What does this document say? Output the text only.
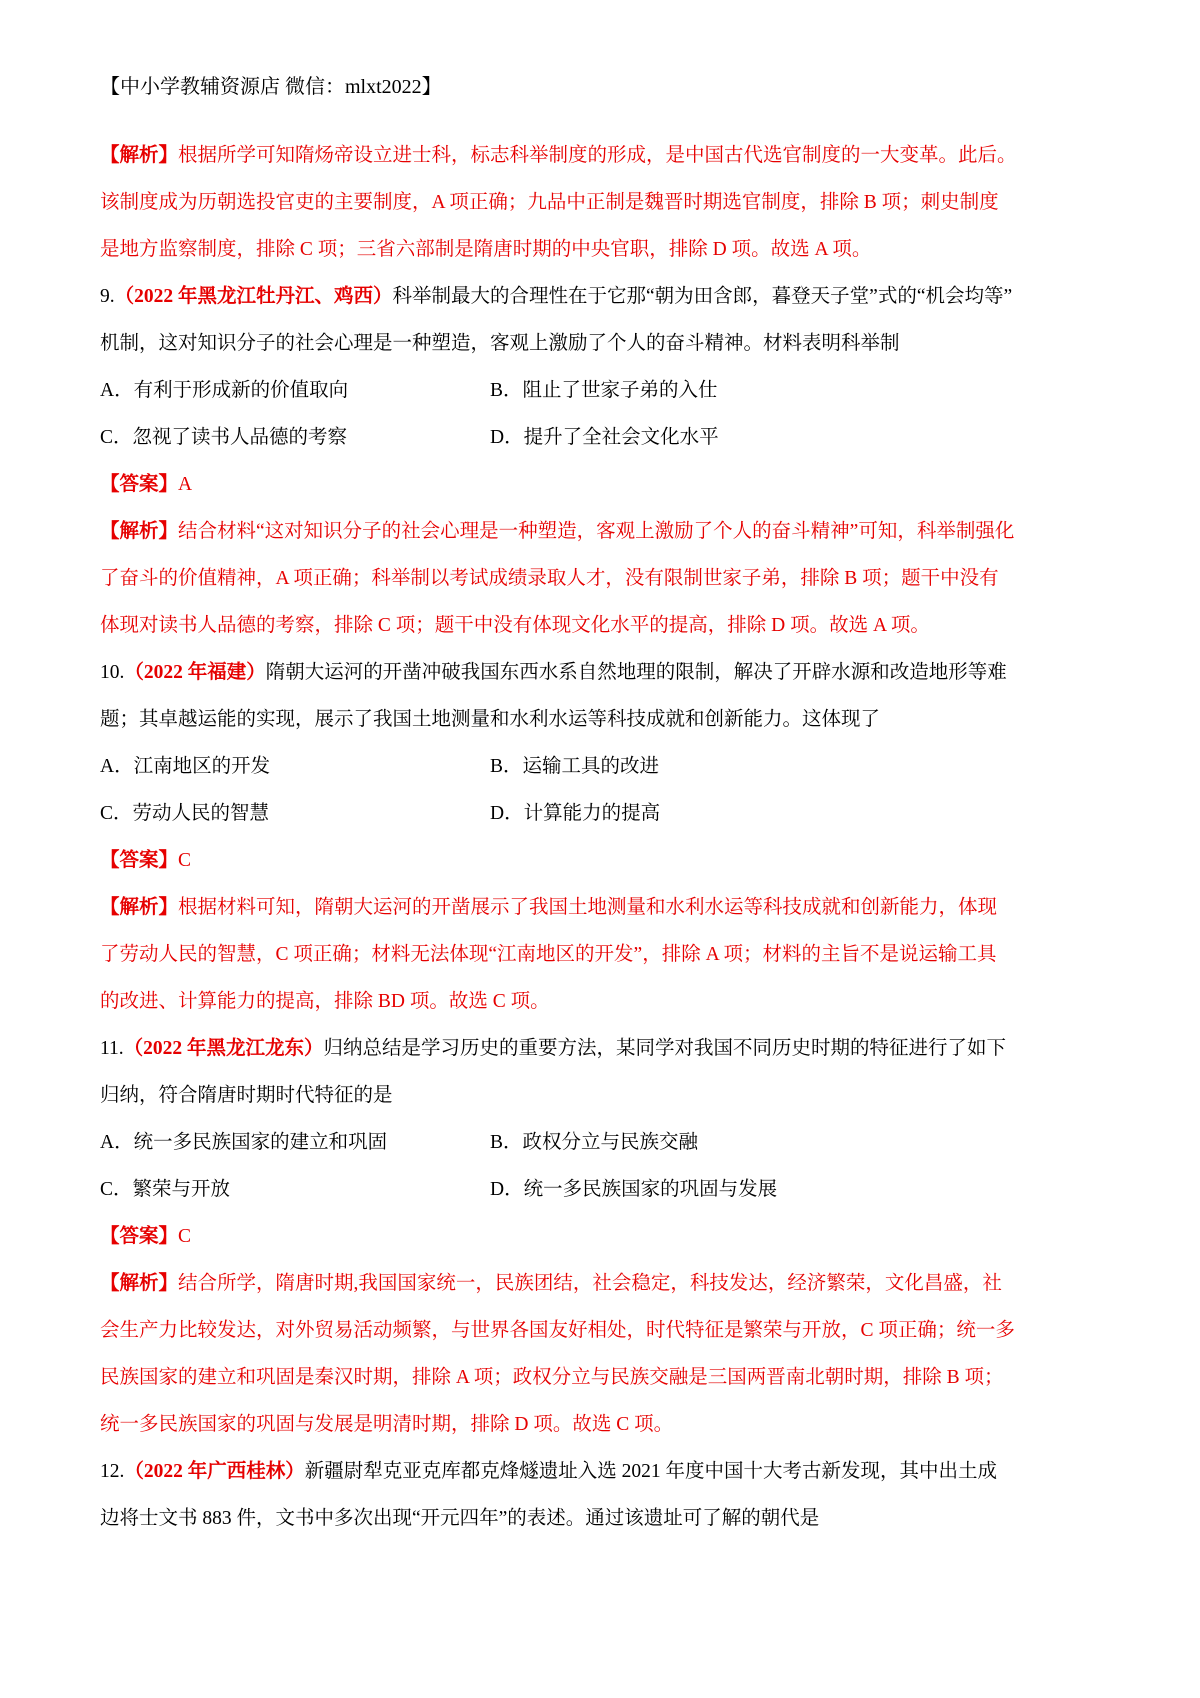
【中小学教辅资源店 微信：mlxt2022】
【解析】根据所学可知隋炀帝设立进士科，标志科举制度的形成，是中国古代选官制度的一大变革。此后。
该制度成为历朝选投官吏的主要制度，A 项正确；九品中正制是魏晋时期选官制度，排除 B 项；刺史制度
是地方监察制度，排除 C 项；三省六部制是隋唐时期的中央官职，排除 D 项。故选 A 项。
9.（2022 年黑龙江牡丹江、鸡西）科举制最大的合理性在于它那“朝为田含郎，暮登天子堂”式的“机会均等”
机制，这对知识分子的社会心理是一种塑造，客观上激励了个人的奋斗精神。材料表明科举制
A．有利于形成新的价值取向	B．阻止了世家子弟的入仕
C．忽视了读书人品德的考察	D．提升了全社会文化水平
【答案】A
【解析】结合材料“这对知识分子的社会心理是一种塑造，客观上激励了个人的奋斗精神”可知，科举制强化
了奋斗的价值精神，A 项正确；科举制以考试成绩录取人才，没有限制世家子弟，排除 B 项；题干中没有
体现对读书人品德的考察，排除 C 项；题干中没有体现文化水平的提高，排除 D 项。故选 A 项。
10.（2022 年福建）隋朝大运河的开凿冲破我国东西水系自然地理的限制，解决了开辟水源和改造地形等难
题；其卓越运能的实现，展示了我国土地测量和水利水运等科技成就和创新能力。这体现了
A．江南地区的开发	B．运输工具的改进
C．劳动人民的智慧	D．计算能力的提高
【答案】C
【解析】根据材料可知，隋朝大运河的开凿展示了我国土地测量和水利水运等科技成就和创新能力，体现
了劳动人民的智慧，C 项正确；材料无法体现“江南地区的开发”，排除 A 项；材料的主旨不是说运输工具
的改进、计算能力的提高，排除 BD 项。故选 C 项。
11.（2022 年黑龙江龙东）归纳总结是学习历史的重要方法，某同学对我国不同历史时期的特征进行了如下
归纳，符合隋唐时期时代特征的是
A．统一多民族国家的建立和巩固	B．政权分立与民族交融
C．繁荣与开放	D．统一多民族国家的巩固与发展
【答案】C
【解析】结合所学，隋唐时期,我国国家统一，民族团结，社会稳定，科技发达，经济繁荣，文化昌盛，社
会生产力比较发达，对外贸易活动频繁，与世界各国友好相处，时代特征是繁荣与开放，C 项正确；统一多
民族国家的建立和巩固是秦汉时期，排除 A 项；政权分立与民族交融是三国两晋南北朝时期，排除 B 项；
统一多民族国家的巩固与发展是明清时期，排除 D 项。故选 C 项。
12.（2022 年广西桂林）新疆尉犁克亚克库都克烽燧遗址入选 2021 年度中国十大考古新发现，其中出土成
边将士文书 883 件，文书中多次出现“开元四年”的表述。通过该遗址可了解的朝代是
